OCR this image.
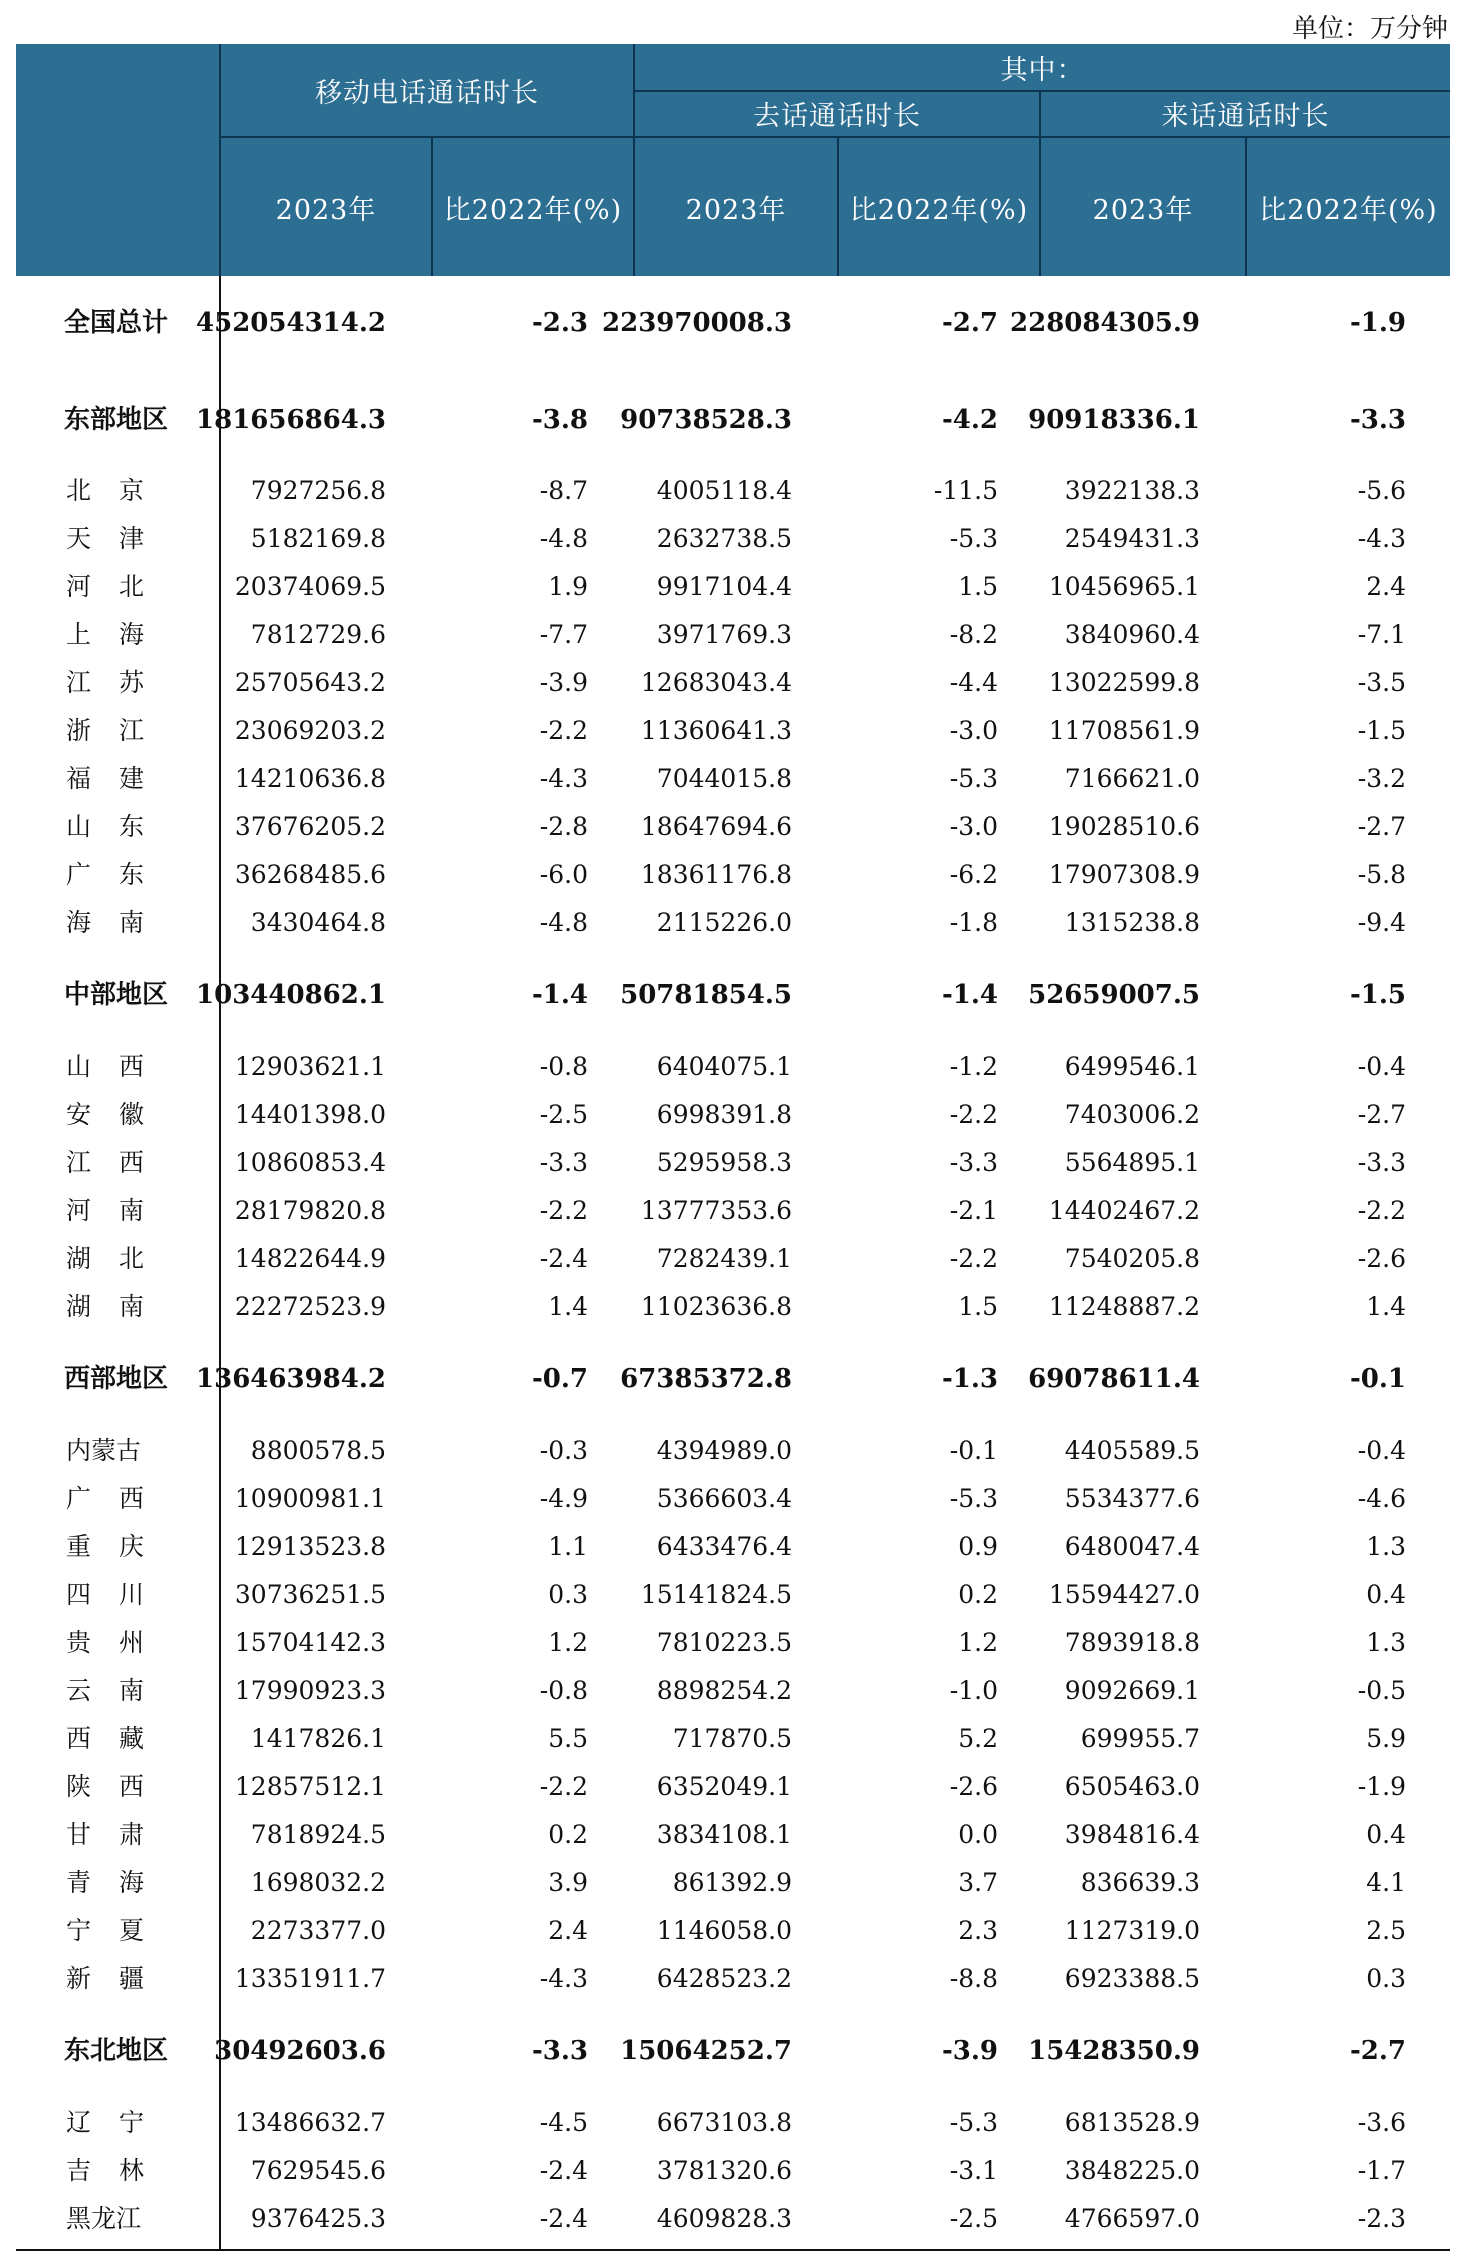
单位：万分钟
移动电话通话时长
其中：
去话通话时长	来话通话时长
2023年	比2022年(%)	2023年	比2022年(%)	2023年	比2022年(%)
全国总计 452054314.2	-2.3 223970008.3	-2.7 228084305.9	-1.9
东部地区 181656864.3	-3.8 90738528.3	-4.2 90918336.1	-3.3
北京	7927256.8	-8.7	4005118.4	-11.5	3922138.3	-5.6
天津	5182169.8	-4.8	2632738.5	-5.3	2549431.3	-4.3
河北	20374069.5	1.9	9917104.4	1.5 10456965.1	2.4
上海	7812729.6	-7.7	3971769.3	-8.2	3840960.4	-7.1
江苏	25705643.2	-3.9 12683043.4	-4.4 13022599.8	-3.5
浙江	23069203.2	-2.2 11360641.3	-3.0 11708561.9	-1.5
福建	14210636.8	-4.3	7044015.8	-5.3	7166621.0	-3.2
山东	37676205.2	-2.8 18647694.6	-3.0 19028510.6	-2.7
广东	36268485.6	-6.0 18361176.8	-6.2 17907308.9	-5.8
海南	3430464.8	-4.8	2115226.0	-1.8	1315238.8	-9.4
中部地区 103440862.1	-1.4 50781854.5	-1.4 52659007.5	-1.5
山西	12903621.1	-0.8	6404075.1	-1.2	6499546.1	-0.4
安徽	14401398.0	-2.5	6998391.8	-2.2	7403006.2	-2.7
江西	10860853.4	-3.3	5295958.3	-3.3	5564895.1	-3.3
河南	28179820.8	-2.2 13777353.6	-2.1 14402467.2	-2.2
湖北	14822644.9	-2.4	7282439.1	-2.2	7540205.8	-2.6
湖南	22272523.9	1.4 11023636.8	1.5 11248887.2	1.4
西部地区 136463984.2	-0.7 67385372.8	-1.3 69078611.4	-0.1
内蒙古	8800578.5	-0.3	4394989.0	-0.1	4405589.5	-0.4
广西	10900981.1	-4.9	5366603.4	-5.3	5534377.6	-4.6
重庆	12913523.8	1.1	6433476.4	0.9	6480047.4	1.3
四川	30736251.5	0.3 15141824.5	0.2 15594427.0	0.4
贵州	15704142.3	1.2	7810223.5	1.2	7893918.8	1.3
云南	17990923.3	-0.8	8898254.2	-1.0	9092669.1	-0.5
西藏	1417826.1	5.5	717870.5	5.2	699955.7	5.9
陕西	12857512.1	-2.2	6352049.1	-2.6	6505463.0	-1.9
甘肃	7818924.5	0.2	3834108.1	0.0	3984816.4	0.4
青海	1698032.2	3.9	861392.9	3.7	836639.3	4.1
宁夏	2273377.0	2.4	1146058.0	2.3	1127319.0	2.5
新疆	13351911.7	-4.3	6428523.2	-8.8	6923388.5	0.3
东北地区 30492603.6	-3.3 15064252.7	-3.9 15428350.9	-2.7
辽宁	13486632.7	-4.5	6673103.8	-5.3	6813528.9	-3.6
吉林	7629545.6	-2.4	3781320.6	-3.1	3848225.0	-1.7
黑龙江	9376425.3	-2.4	4609828.3	-2.5	4766597.0	-2.3
